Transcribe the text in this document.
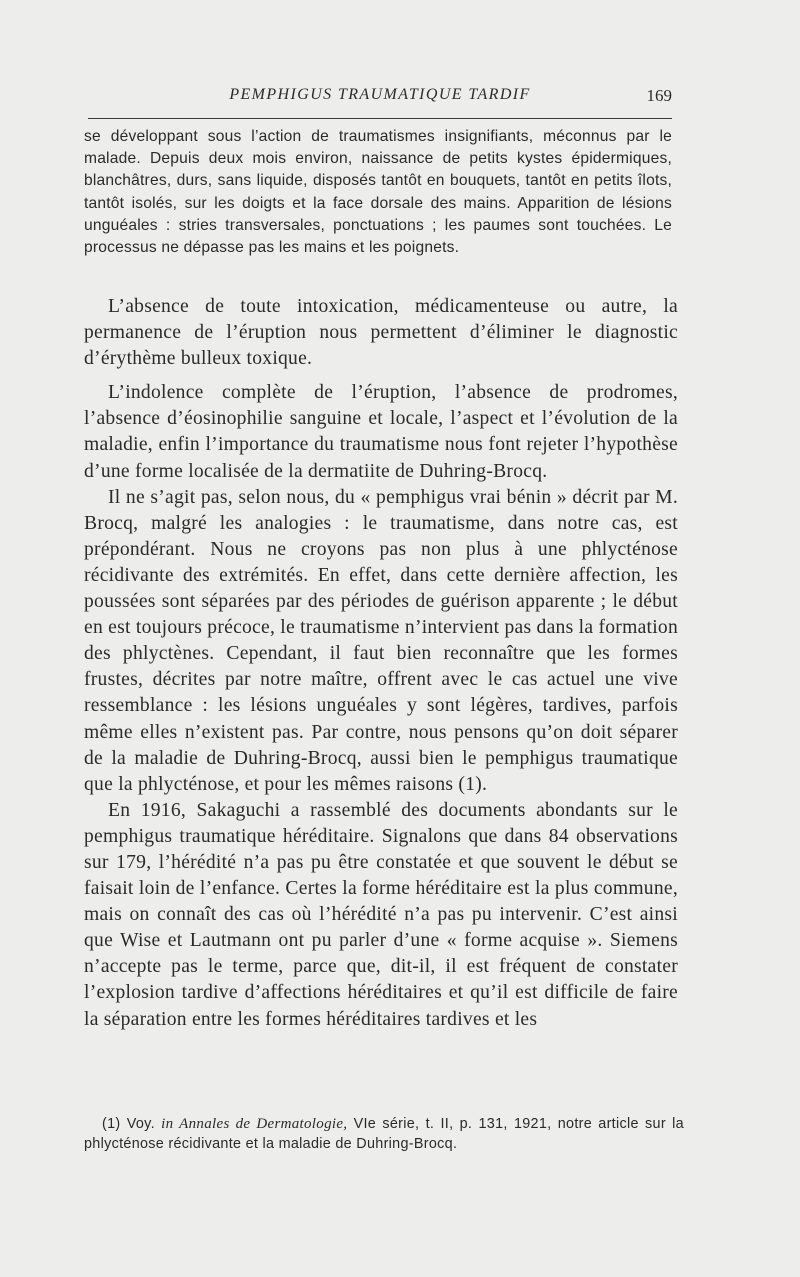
PEMPHIGUS TRAUMATIQUE TARDIF	169

se développant sous l’action de traumatismes insignifiants, méconnus par le malade. Depuis deux mois environ, naissance de petits kystes épidermiques, blanchâtres, durs, sans liquide, disposés tantôt en bouquets, tantôt en petits îlots, tantôt isolés, sur les doigts et la face dorsale des mains. Apparition de lésions unguéales : stries transversales, ponctuations ; les paumes sont touchées. Le processus ne dépasse pas les mains et les poignets.

L’absence de toute intoxication, médicamenteuse ou autre, la permanence de l’éruption nous permettent d’éliminer le diagnostic d’érythème bulleux toxique.

L’indolence complète de l’éruption, l’absence de prodromes, l’absence d’éosinophilie sanguine et locale, l’aspect et l’évolution de la maladie, enfin l’importance du traumatisme nous font rejeter l’hypothèse d’une forme localisée de la dermatiite de Duhring-Brocq.

Il ne s’agit pas, selon nous, du « pemphigus vrai bénin » décrit par M. Brocq, malgré les analogies : le traumatisme, dans notre cas, est prépondérant. Nous ne croyons pas non plus à une phlycténose récidivante des extrémités. En effet, dans cette dernière affection, les poussées sont séparées par des périodes de guérison apparente ; le début en est toujours précoce, le traumatisme n’intervient pas dans la formation des phlyctènes. Cependant, il faut bien reconnaître que les formes frustes, décrites par notre maître, offrent avec le cas actuel une vive ressemblance : les lésions unguéales y sont légères, tardives, parfois même elles n’existent pas. Par contre, nous pensons qu’on doit séparer de la maladie de Duhring-Brocq, aussi bien le pemphigus traumatique que la phlycténose, et pour les mêmes raisons (1).

En 1916, Sakaguchi a rassemblé des documents abondants sur le pemphigus traumatique héréditaire. Signalons que dans 84 observations sur 179, l’hérédité n’a pas pu être constatée et que souvent le début se faisait loin de l’enfance. Certes la forme héréditaire est la plus commune, mais on connaît des cas où l’hérédité n’a pas pu intervenir. C’est ainsi que Wise et Lautmann ont pu parler d’une « forme acquise ». Siemens n’accepte pas le terme, parce que, dit-il, il est fréquent de constater l’explosion tardive d’affections héréditaires et qu’il est difficile de faire la séparation entre les formes héréditaires tardives et les

(1) Voy. in Annales de Dermatologie, VIe série, t. II, p. 131, 1921, notre article sur la phlycténose récidivante et la maladie de Duhring-Brocq.
